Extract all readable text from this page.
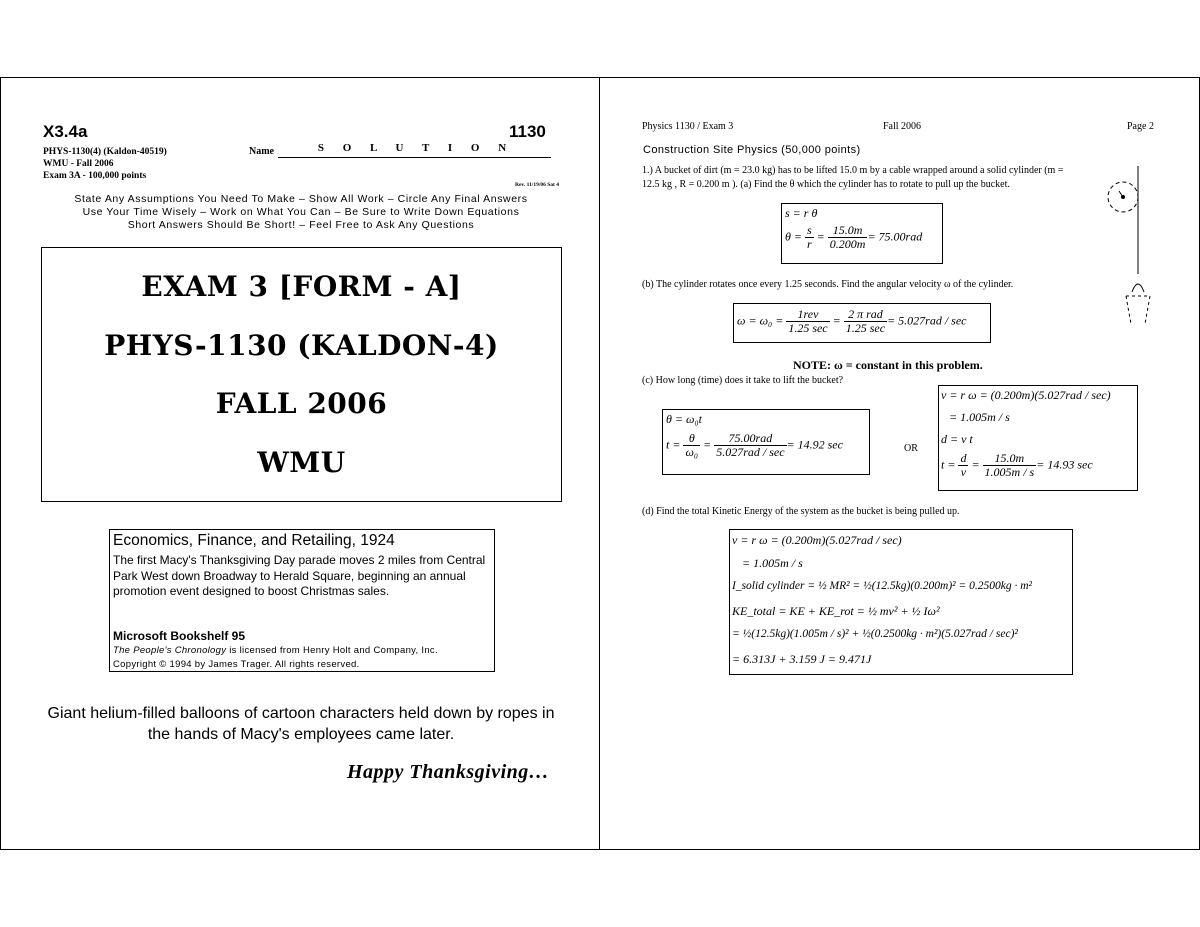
X3.4a	1130
PHYS-1130(4) (Kaldon-40519)
WMU - Fall 2006
Exam 3A - 100,000 points
Name	S O L U T I O N
Rev. 11/19/06 Sat 4
State Any Assumptions You Need To Make – Show All Work – Circle Any Final Answers
Use Your Time Wisely – Work on What You Can – Be Sure to Write Down Equations
Short Answers Should Be Short! – Feel Free to Ask Any Questions
EXAM 3 [FORM - A]
PHYS-1130 (KALDON-4)
FALL 2006
WMU
Economics, Finance, and Retailing, 1924
The first Macy's Thanksgiving Day parade moves 2 miles from Central Park West down Broadway to Herald Square, beginning an annual promotion event designed to boost Christmas sales.
Microsoft Bookshelf 95
The People's Chronology is licensed from Henry Holt and Company, Inc.
Copyright © 1994 by James Trager. All rights reserved.
Giant helium-filled balloons of cartoon characters held down by ropes in the hands of Macy's employees came later.
Happy Thanksgiving…
Physics 1130 / Exam 3	Fall 2006	Page 2
Construction Site Physics (50,000 points)
1.) A bucket of dirt (m = 23.0 kg) has to be lifted 15.0 m by a cable wrapped around a solid cylinder (m = 12.5 kg , R = 0.200 m ). (a) Find the θ which the cylinder has to rotate to pull up the bucket.
s = r θ
$\theta = \frac{s}{r} = \frac{15.0m}{0.200m} = 75.00rad$
(b) The cylinder rotates once every 1.25 seconds. Find the angular velocity ω of the cylinder.
$\omega = \omega_0 = \frac{\text{1rev}}{1.25 \sec} = \frac{\text{2 π rad}}{1.25 \sec} = 5.027rad / \sec$
NOTE: ω = constant in this problem.
(c) How long (time) does it take to lift the bucket?
θ = ω₀t
$t = \frac{\theta}{\text{ω₀}} = \frac{\text{75.00rad}}{\text{5.027rad / sec}} = 14.92$ sec	OR
v = r ω = (0.200m)(5.027rad / sec)
= 1.005m / s
d = v t
$t = \frac{d}{v} = \frac{15.0m}{1.005m / s} = 14.93$ sec
(d) Find the total Kinetic Energy of the system as the bucket is being pulled up.
v = r ω = (0.200m)(5.027rad / sec)
= 1.005m / s
I_solid cylinder = ½ MR² = ½(12.5kg)(0.200m)² = 0.2500kg · m²
KE_total = KE + KE_rot = ½ mv² + ½ Iω²
= ½(12.5kg)(1.005m / s)² + ½(0.2500kg · m²)(5.027rad / sec)²
= 6.313J + 3.159 J = 9.471J
